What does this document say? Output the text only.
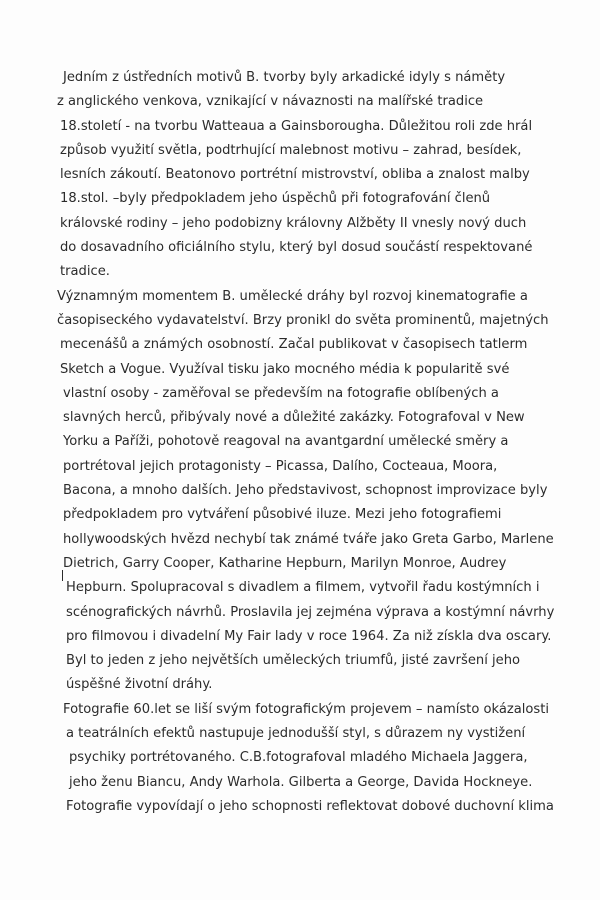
Jedním z ústředních motivů B. tvorby byly arkadické idyly s náměty
z anglického venkova, vznikající v návaznosti na malířské tradice
18.století - na tvorbu Watteaua a Gainsborougha. Důležitou roli zde hrál
způsob využití světla, podtrhující malebnost motivu – zahrad, besídek,
lesních zákoutí. Beatonovo portrétní mistrovství, obliba a znalost malby
18.stol. –byly předpokladem jeho úspěchů při fotografování členů
královské rodiny – jeho podobizny královny Alžběty II vnesly nový duch
do dosavadního oficiálního stylu, který byl dosud součástí respektované
tradice.
Významným momentem B. umělecké dráhy byl rozvoj kinematografie a
časopiseckého vydavatelství. Brzy pronikl do světa prominentů, majetných
mecenášů a známých osobností. Začal publikovat v časopisech tatlerm
Sketch a Vogue. Využíval tisku jako mocného média k popularitě své
vlastní osoby - zaměřoval se především na fotografie oblíbených a
slavných herců, přibývaly nové a důležité zakázky. Fotografoval v New
Yorku a Paříži, pohotově reagoval na avantgardní umělecké směry a
portrétoval jejich protagonisty – Picassa, Dalího, Cocteaua, Moora,
Bacona, a mnoho dalších. Jeho představivost, schopnost improvizace byly
předpokladem pro vytváření působivé iluze. Mezi jeho fotografiemi
hollywoodských hvězd nechybí tak známé tváře jako Greta Garbo, Marlene
Dietrich, Garry Cooper, Katharine Hepburn, Marilyn Monroe, Audrey
Hepburn. Spolupracoval s divadlem a filmem, vytvořil řadu kostýmních i
scénografických návrhů. Proslavila jej zejména výprava a kostýmní návrhy
pro filmovou i divadelní My Fair lady v roce 1964. Za niž získla dva oscary.
Byl to jeden z jeho největších uměleckých triumfů, jisté završení jeho
úspěšné životní dráhy.
Fotografie 60.let se liší svým fotografickým projevem – namísto okázalosti
a teatrálních efektů nastupuje jednodušší styl, s důrazem ny vystižení
psychiky portrétovaného. C.B.fotografoval mladého Michaela Jaggera,
jeho ženu Biancu, Andy Warhola. Gilberta a George, Davida Hockneye.
Fotografie vypovídají o jeho schopnosti reflektovat dobové duchovní klima
